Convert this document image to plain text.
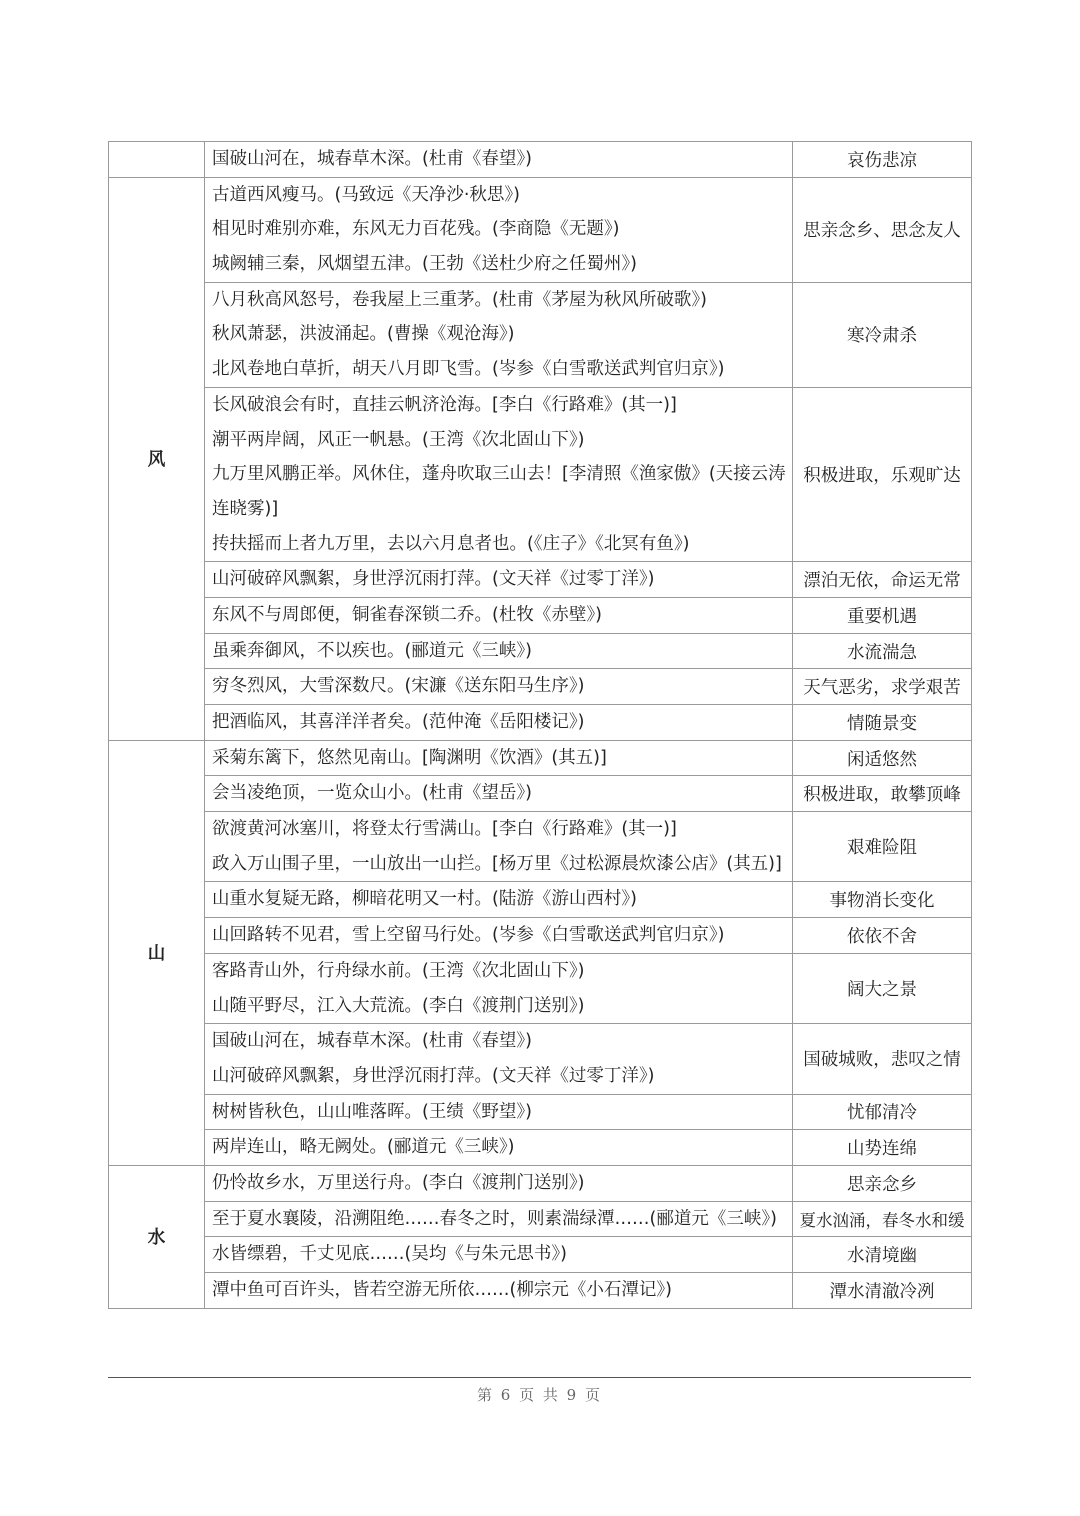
	国破山河在，城春草木深。(杜甫《春望》)	哀伤悲凉
风	古道西风瘦马。(马致远《天净沙·秋思》)
相见时难别亦难，东风无力百花残。(李商隐《无题》)
城阙辅三秦，风烟望五津。(王勃《送杜少府之任蜀州》)	思亲念乡、思念友人

	八月秋高风怒号，卷我屋上三重茅。(杜甫《茅屋为秋风所破歌》)
秋风萧瑟，洪波涌起。(曹操《观沧海》)
北风卷地白草折，胡天八月即飞雪。(岑参《白雪歌送武判官归京》)	寒冷肃杀

	长风破浪会有时，直挂云帆济沧海。[李白《行路难》(其一)]
潮平两岸阔，风正一帆悬。(王湾《次北固山下》)
九万里风鹏正举。风休住，蓬舟吹取三山去！[李清照《渔家傲》(天接云涛连晓雾)]
抟扶摇而上者九万里，去以六月息者也。(《庄子》《北冥有鱼》)	积极进取，乐观旷达

	山河破碎风飘絮，身世浮沉雨打萍。(文天祥《过零丁洋》)	漂泊无依，命运无常

	东风不与周郎便，铜雀春深锁二乔。(杜牧《赤壁》)	重要机遇

	虽乘奔御风，不以疾也。(郦道元《三峡》)	水流湍急

	穷冬烈风，大雪深数尺。(宋濂《送东阳马生序》)	天气恶劣，求学艰苦

	把酒临风，其喜洋洋者矣。(范仲淹《岳阳楼记》)	情随景变
山	采菊东篱下，悠然见南山。[陶渊明《饮酒》(其五)]	闲适悠然

	会当凌绝顶，一览众山小。(杜甫《望岳》)	积极进取，敢攀顶峰

	欲渡黄河冰塞川，将登太行雪满山。[李白《行路难》(其一)]
政入万山围子里，一山放出一山拦。[杨万里《过松源晨炊漆公店》(其五)]	艰难险阻

	山重水复疑无路，柳暗花明又一村。(陆游《游山西村》)	事物消长变化

	山回路转不见君，雪上空留马行处。(岑参《白雪歌送武判官归京》)	依依不舍

	客路青山外，行舟绿水前。(王湾《次北固山下》)
山随平野尽，江入大荒流。(李白《渡荆门送别》)	阔大之景

	国破山河在，城春草木深。(杜甫《春望》)
山河破碎风飘絮，身世浮沉雨打萍。(文天祥《过零丁洋》)	国破城败，悲叹之情

	树树皆秋色，山山唯落晖。(王绩《野望》)	忧郁清冷

	两岸连山，略无阙处。(郦道元《三峡》)	山势连绵
水	仍怜故乡水，万里送行舟。(李白《渡荆门送别》)	思亲念乡

	至于夏水襄陵，沿溯阻绝……春冬之时，则素湍绿潭……(郦道元《三峡》)	夏水汹涌，春冬水和缓

	水皆缥碧，千丈见底……(吴均《与朱元思书》)	水清境幽

	潭中鱼可百许头，皆若空游无所依……(柳宗元《小石潭记》)	潭水清澈冷冽
第 6 页 共 9 页
